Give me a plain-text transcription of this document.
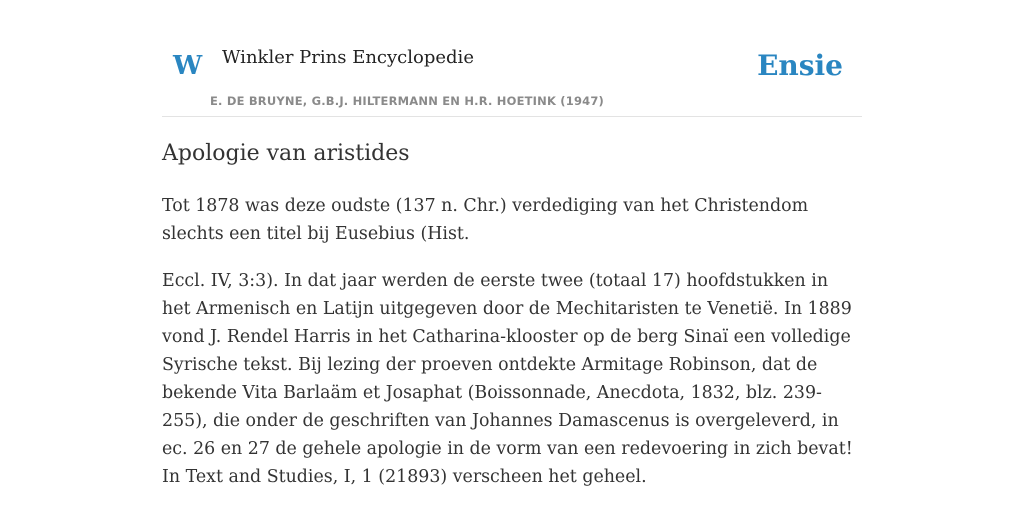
W Winkler Prins Encyclopedie
E. DE BRUYNE, G.B.J. HILTERMANN EN H.R. HOETINK (1947)
Ensie
Apologie van aristides

Tot 1878 was deze oudste (137 n. Chr.) verdediging van het Christendom slechts een titel bij Eusebius (Hist.

Eccl. IV, 3:3). In dat jaar werden de eerste twee (totaal 17) hoofdstukken in het Armenisch en Latijn uitgegeven door de Mechitaristen te Venetië. In 1889 vond J. Rendel Harris in het Catharina-klooster op de berg Sinaï een volledige Syrische tekst. Bij lezing der proeven ontdekte Armitage Robinson, dat de bekende Vita Barlaäm et Josaphat (Boissonnade, Anecdota, 1832, blz. 239-255), die onder de geschriften van Johannes Damascenus is overgeleverd, in ec. 26 en 27 de gehele apologie in de vorm van een redevoering in zich bevat! In Text and Studies, I, 1 (21893) verscheen het geheel.
